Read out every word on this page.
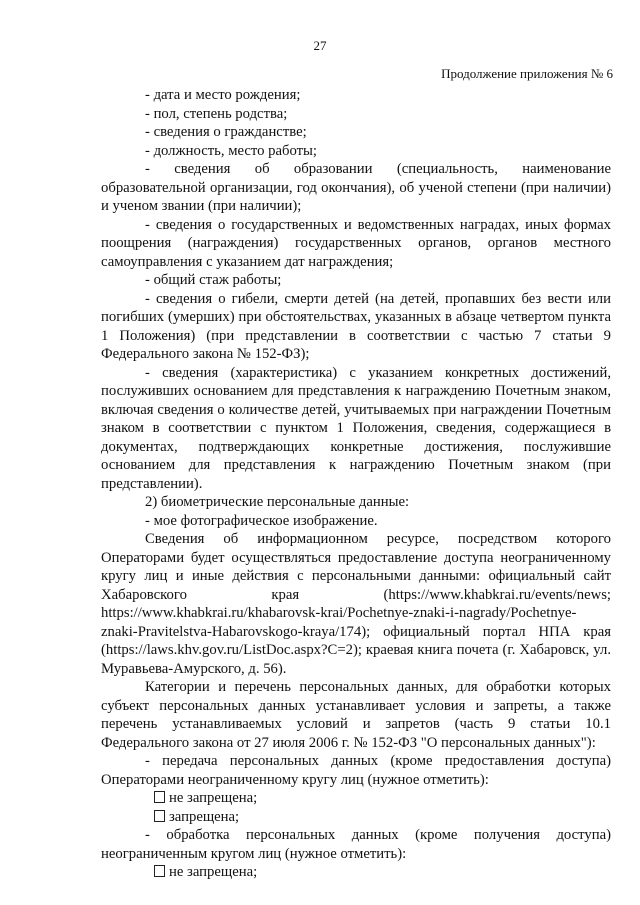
27
Продолжение приложения № 6

- дата и место рождения;

- пол, степень родства;

- сведения о гражданстве;

- должность, место работы;

- сведения об образовании (специальность, наименование образовательной организации, год окончания), об ученой степени (при наличии) и ученом звании (при наличии);

- сведения о государственных и ведомственных наградах, иных формах поощрения (награждения) государственных органов, органов местного самоуправления с указанием дат награждения;

- общий стаж работы;

- сведения о гибели, смерти детей (на детей, пропавших без вести или погибших (умерших) при обстоятельствах, указанных в абзаце четвертом пункта 1 Положения) (при представлении в соответствии с частью 7 статьи 9 Федерального закона № 152-ФЗ);

- сведения (характеристика) с указанием конкретных достижений, послуживших основанием для представления к награждению Почетным знаком, включая сведения о количестве детей, учитываемых при награждении Почетным знаком в соответствии с пунктом 1 Положения, сведения, содержащиеся в документах, подтверждающих конкретные достижения, послужившие основанием для представления к награждению Почетным знаком (при представлении).

2) биометрические персональные данные:

- мое фотографическое изображение.

Сведения об информационном ресурсе, посредством которого Операторами будет осуществляться предоставление доступа неограниченному кругу лиц и иные действия с персональными данными: официальный сайт Хабаровского края (https://www.khabkrai.ru/events/news; https://www.khabkrai.ru/khabarovsk-krai/Pochetnye-znaki-i-nagrady/Pochetnye-znaki-Pravitelstva-Habarovskogo-kraya/174); официальный портал НПА края (https://laws.khv.gov.ru/ListDoc.aspx?C=2); краевая книга почета (г. Хабаровск, ул. Муравьева-Амурского, д. 56).

Категории и перечень персональных данных, для обработки которых субъект персональных данных устанавливает условия и запреты, а также перечень устанавливаемых условий и запретов (часть 9 статьи 10.1 Федерального закона от 27 июля 2006 г. № 152-ФЗ "О персональных данных"):

- передача персональных данных (кроме предоставления доступа) Операторами неограниченному кругу лиц (нужное отметить):

не запрещена;

запрещена;

- обработка персональных данных (кроме получения доступа) неограниченным кругом лиц (нужное отметить):

не запрещена;
